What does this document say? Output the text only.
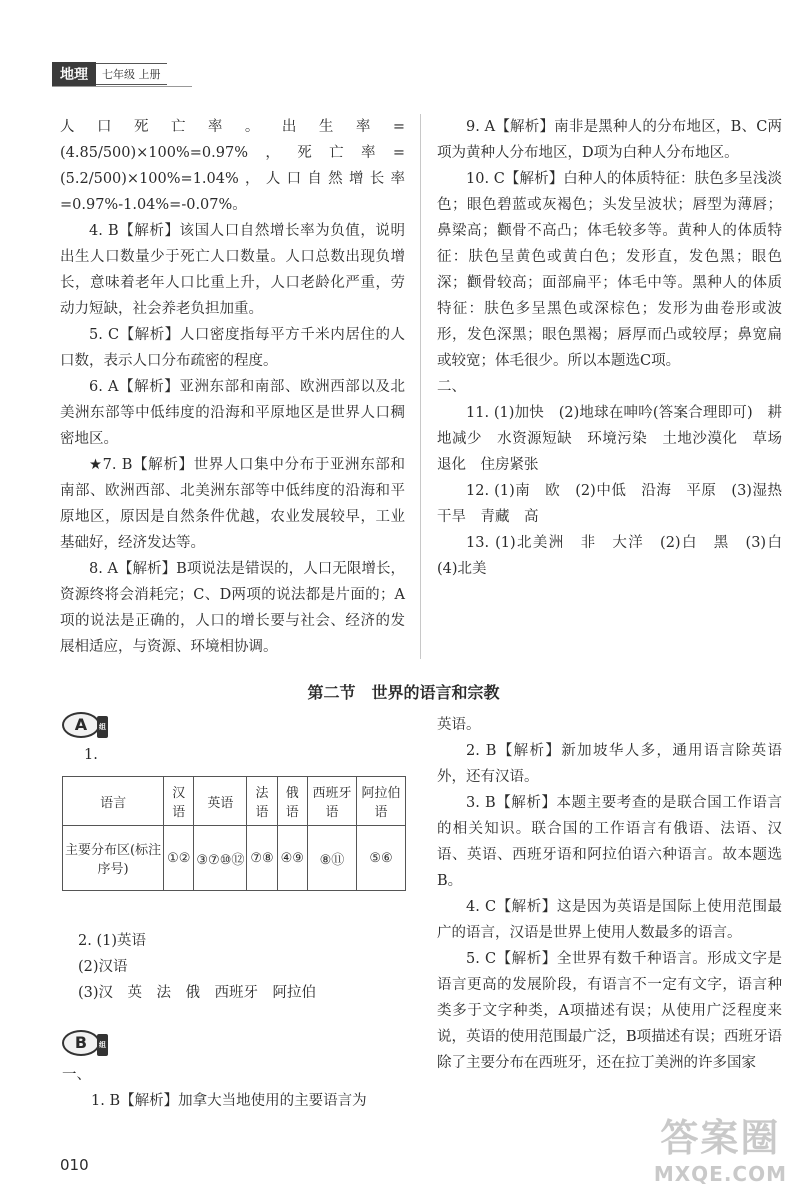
地理	七年级 上册

人口死亡率。出生率=(4.85/500)×100%=0.97%，死亡率=(5.2/500)×100%=1.04%，人口自然增长率=0.97%-1.04%=-0.07%。

4. B【解析】该国人口自然增长率为负值，说明出生人口数量少于死亡人口数量。人口总数出现负增长，意味着老年人口比重上升，人口老龄化严重，劳动力短缺，社会养老负担加重。

5. C【解析】人口密度指每平方千米内居住的人口数，表示人口分布疏密的程度。

6. A【解析】亚洲东部和南部、欧洲西部以及北美洲东部等中低纬度的沿海和平原地区是世界人口稠密地区。

★7. B【解析】世界人口集中分布于亚洲东部和南部、欧洲西部、北美洲东部等中低纬度的沿海和平原地区，原因是自然条件优越，农业发展较早，工业基础好，经济发达等。

8. A【解析】B项说法是错误的，人口无限增长，资源终将会消耗完；C、D两项的说法都是片面的；A项的说法是正确的，人口的增长要与社会、经济的发展相适应，与资源、环境相协调。

9. A【解析】南非是黑种人的分布地区，B、C两项为黄种人分布地区，D项为白种人分布地区。

10. C【解析】白种人的体质特征：肤色多呈浅淡色；眼色碧蓝或灰褐色；头发呈波状；唇型为薄唇；鼻梁高；颧骨不高凸；体毛较多等。黄种人的体质特征：肤色呈黄色或黄白色；发形直，发色黑；眼色深；颧骨较高；面部扁平；体毛中等。黑种人的体质特征：肤色多呈黑色或深棕色；发形为曲卷形或波形，发色深黑；眼色黑褐；唇厚而凸或较厚；鼻宽扁或较宽；体毛很少。所以本题选C项。

二、

11. (1)加快　(2)地球在呻吟(答案合理即可)　耕地减少　水资源短缺　环境污染　土地沙漠化　草场退化　住房紧张

12. (1)南　欧　(2)中低　沿海　平原　(3)湿热　干旱　青藏　高

13. (1)北美洲　非　大洋　(2)白　黑　(3)白　(4)北美

第二节　世界的语言和宗教
A 组
1.
语言	汉语	英语	法语	俄语	西班牙语	阿拉伯语
主要分布区(标注序号)	①②	③⑦⑩⑫	⑦⑧	④⑨	⑧⑪	⑤⑥

2. (1)英语

(2)汉语

(3)汉　英　法　俄　西班牙　阿拉伯

B 组

一、

1. B【解析】加拿大当地使用的主要语言为

英语。

2. B【解析】新加坡华人多，通用语言除英语外，还有汉语。

3. B【解析】本题主要考查的是联合国工作语言的相关知识。联合国的工作语言有俄语、法语、汉语、英语、西班牙语和阿拉伯语六种语言。故本题选B。

4. C【解析】这是因为英语是国际上使用范围最广的语言，汉语是世界上使用人数最多的语言。

5. C【解析】全世界有数千种语言。形成文字是语言更高的发展阶段，有语言不一定有文字，语言种类多于文字种类，A项描述有误；从使用广泛程度来说，英语的使用范围最广泛，B项描述有误；西班牙语除了主要分布在西班牙，还在拉丁美洲的许多国家

010
答案圈
MXQE.COM
